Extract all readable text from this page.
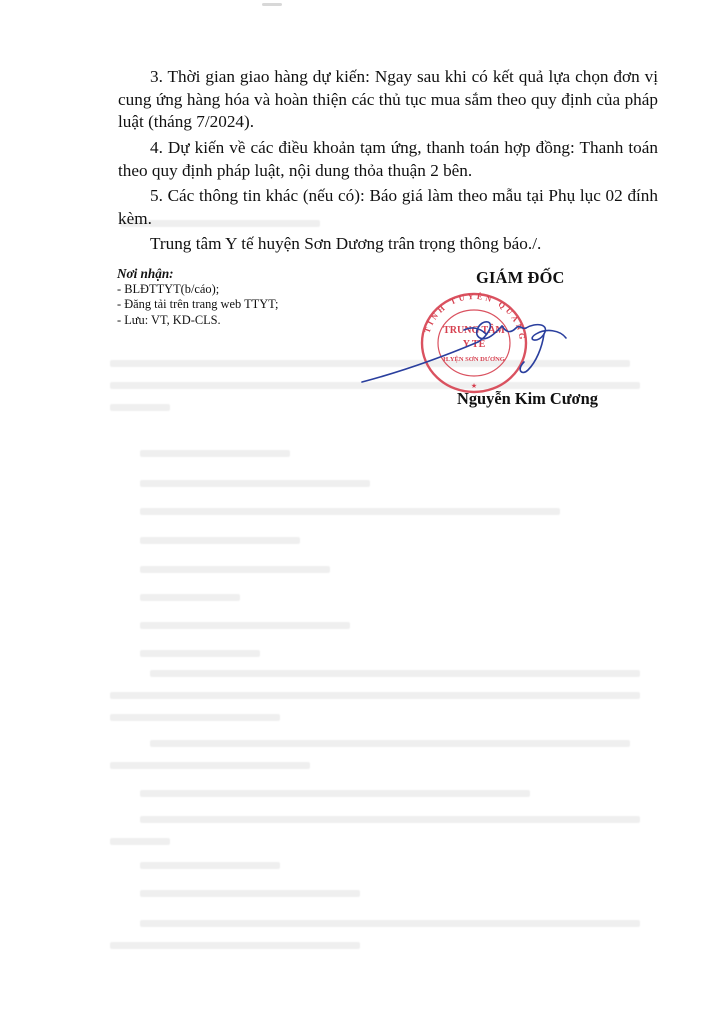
3. Thời gian giao hàng dự kiến: Ngay sau khi có kết quả lựa chọn đơn vị cung ứng hàng hóa và hoàn thiện các thủ tục mua sắm theo quy định của pháp luật (tháng 7/2024).

4. Dự kiến về các điều khoản tạm ứng, thanh toán hợp đồng: Thanh toán theo quy định pháp luật, nội dung thỏa thuận 2 bên.

5. Các thông tin khác (nếu có): Báo giá làm theo mẫu tại Phụ lục 02 đính kèm.

Trung tâm Y tế huyện Sơn Dương trân trọng thông báo./.

Nơi nhận:
- BLĐTTYT(b/cáo);
- Đăng tải trên trang web TTYT;
- Lưu: VT, KD-CLS.
GIÁM ĐỐC
TỈNH TUYÊN QUANG
TRUNG TÂM
Y TẾ
H.YỆN SƠN DƯƠNG
★
Nguyễn Kim Cương
